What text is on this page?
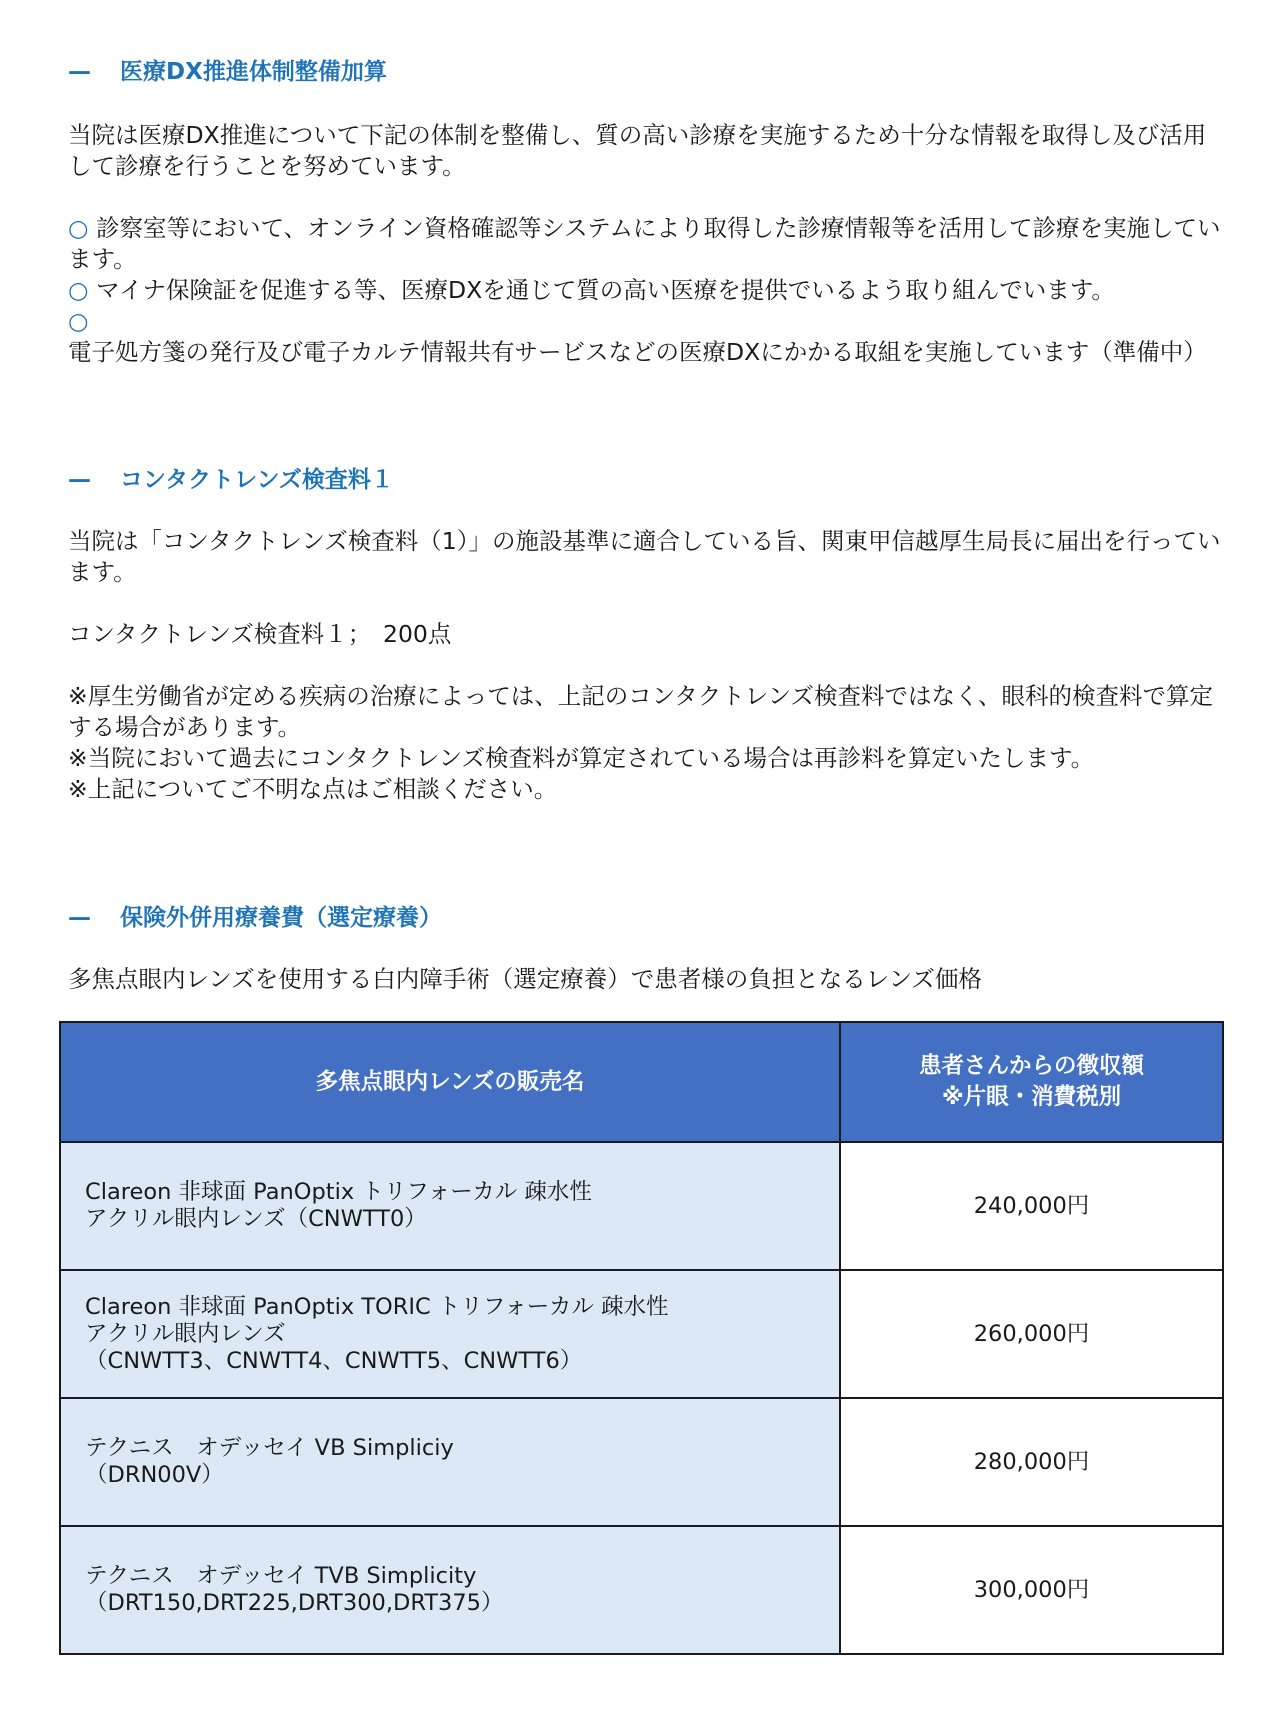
—	医療DX推進体制整備加算

当院は医療DX推進について下記の体制を整備し、質の高い診療を実施するため十分な情報を取得し及び活用して診療を行うことを努めています。

○ 診察室等において、オンライン資格確認等システムにより取得した診療情報等を活用して診療を実施しています。

○ マイナ保険証を促進する等、医療DXを通じて質の高い医療を提供でいるよう取り組んでいます。

○ 電子処方箋の発行及び電子カルテ情報共有サービスなどの医療DXにかかる取組を実施しています（準備中）

—	コンタクトレンズ検査料１

当院は「コンタクトレンズ検査料（1）」の施設基準に適合している旨、関東甲信越厚生局長に届出を行っています。

コンタクトレンズ検査料１；　200点

※厚生労働省が定める疾病の治療によっては、上記のコンタクトレンズ検査料ではなく、眼科的検査料で算定する場合があります。

※当院において過去にコンタクトレンズ検査料が算定されている場合は再診料を算定いたします。

※上記についてご不明な点はご相談ください。

—	保険外併用療養費（選定療養）

多焦点眼内レンズを使用する白内障手術（選定療養）で患者様の負担となるレンズ価格

多焦点眼内レンズの販売名	患者さんからの徴収額
※片眼・消費税別
Clareon 非球面 PanOptix トリフォーカル 疎水性
アクリル眼内レンズ（CNWTT0）	240,000円
Clareon 非球面 PanOptix TORIC トリフォーカル 疎水性
アクリル眼内レンズ
（CNWTT3、CNWTT4、CNWTT5、CNWTT6）	260,000円
テクニス　オデッセイ VB Simpliciy
（DRN00V）	280,000円
テクニス　オデッセイ TVB Simplicity
（DRT150,DRT225,DRT300,DRT375）	300,000円
